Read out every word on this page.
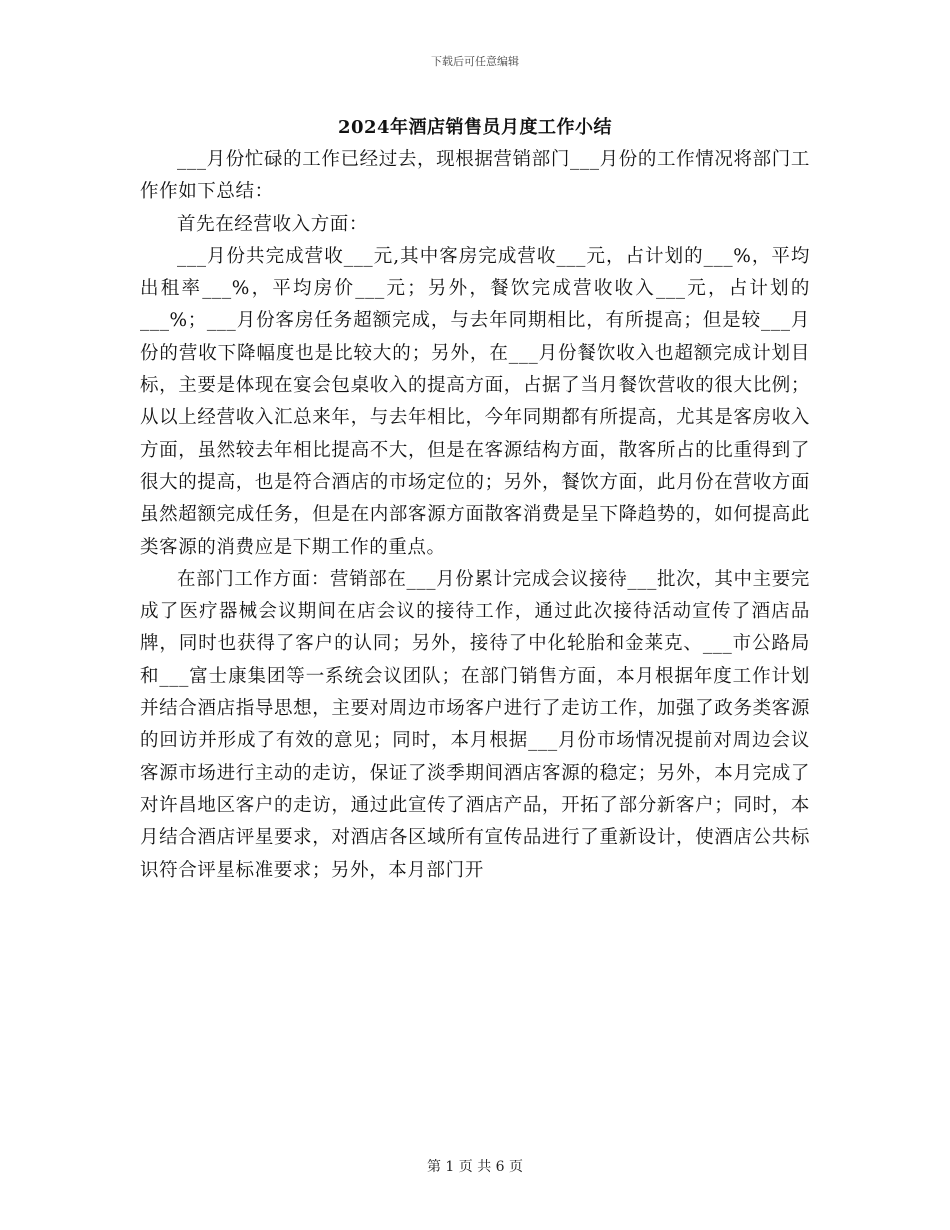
下载后可任意编辑
2024年酒店销售员月度工作小结

___月份忙碌的工作已经过去，现根据营销部门___月份的工作情况将部门工作作如下总结：

首先在经营收入方面：

___月份共完成营收___元,其中客房完成营收___元，占计划的___%，平均出租率___%，平均房价___元；另外，餐饮完成营收收入___元，占计划的___%；___月份客房任务超额完成，与去年同期相比，有所提高；但是较___月份的营收下降幅度也是比较大的；另外，在___月份餐饮收入也超额完成计划目标，主要是体现在宴会包桌收入的提高方面，占据了当月餐饮营收的很大比例；从以上经营收入汇总来年，与去年相比，今年同期都有所提高，尤其是客房收入方面，虽然较去年相比提高不大，但是在客源结构方面，散客所占的比重得到了很大的提高，也是符合酒店的市场定位的；另外，餐饮方面，此月份在营收方面虽然超额完成任务，但是在内部客源方面散客消费是呈下降趋势的，如何提高此类客源的消费应是下期工作的重点。

在部门工作方面：营销部在___月份累计完成会议接待___批次，其中主要完成了医疗器械会议期间在店会议的接待工作，通过此次接待活动宣传了酒店品牌，同时也获得了客户的认同；另外，接待了中化轮胎和金莱克、___市公路局和___富士康集团等一系统会议团队；在部门销售方面，本月根据年度工作计划并结合酒店指导思想，主要对周边市场客户进行了走访工作，加强了政务类客源的回访并形成了有效的意见；同时，本月根据___月份市场情况提前对周边会议客源市场进行主动的走访，保证了淡季期间酒店客源的稳定；另外，本月完成了对许昌地区客户的走访，通过此宣传了酒店产品，开拓了部分新客户；同时，本月结合酒店评星要求，对酒店各区域所有宣传品进行了重新设计，使酒店公共标识符合评星标准要求；另外，本月部门开

第 1 页 共 6 页
